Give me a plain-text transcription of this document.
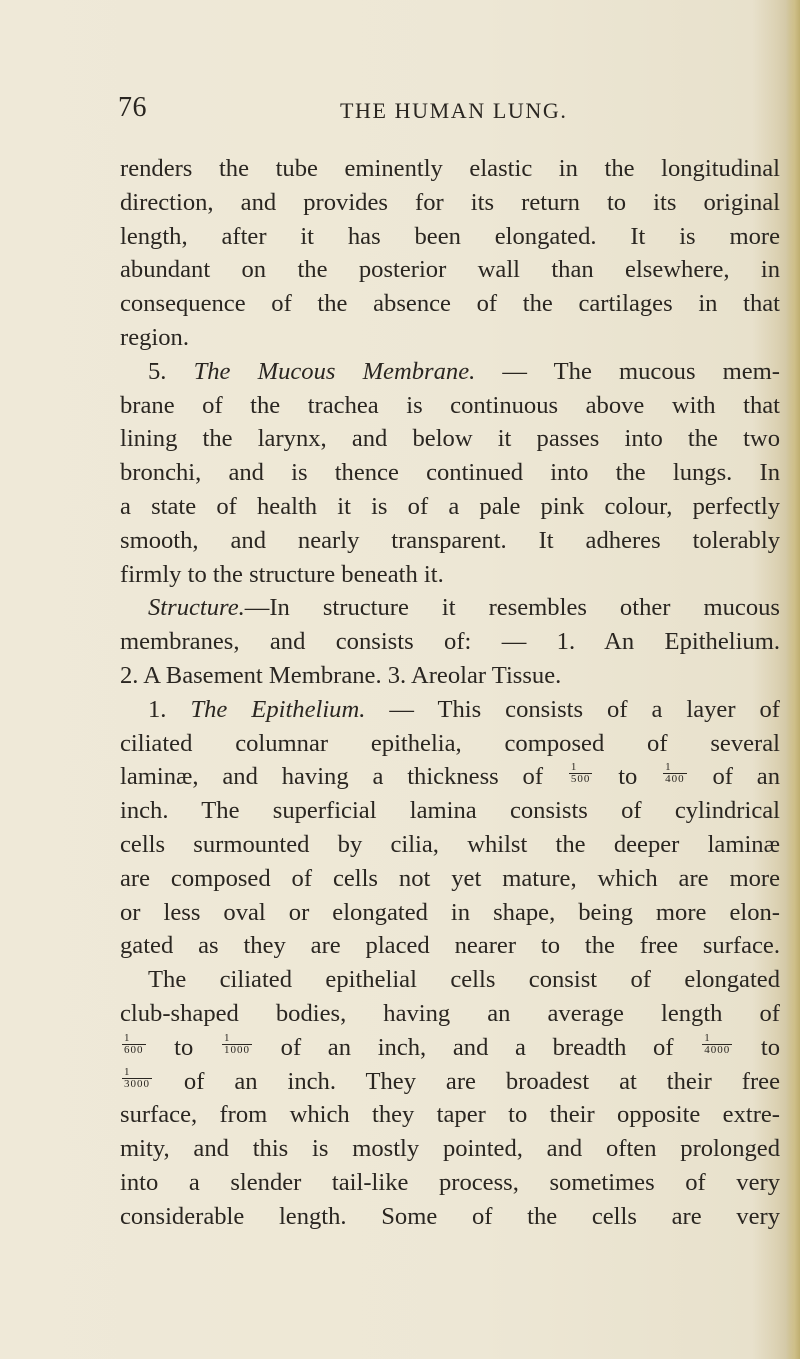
76	THE HUMAN LUNG.
renders the tube eminently elastic in the longitudinal
direction, and provides for its return to its original
length, after it has been elongated. It is more
abundant on the posterior wall than elsewhere, in
consequence of the absence of the cartilages in that
region.
5. The Mucous Membrane. — The mucous mem-
brane of the trachea is continuous above with that
lining the larynx, and below it passes into the two
bronchi, and is thence continued into the lungs. In
a state of health it is of a pale pink colour, perfectly
smooth, and nearly transparent. It adheres tolerably
firmly to the structure beneath it.
Structure.—In structure it resembles other mucous
membranes, and consists of: — 1. An Epithelium.
2. A Basement Membrane. 3. Areolar Tissue.
1. The Epithelium. — This consists of a layer of
ciliated columnar epithelia, composed of several
laminæ, and having a thickness of $\frac{1}{500}$ to $\frac{1}{400}$ of an
inch. The superficial lamina consists of cylindrical
cells surmounted by cilia, whilst the deeper laminæ
are composed of cells not yet mature, which are more
or less oval or elongated in shape, being more elon-
gated as they are placed nearer to the free surface.
The ciliated epithelial cells consist of elongated
club-shaped bodies, having an average length of
$\frac{1}{600}$ to $\frac{1}{1000}$ of an inch, and a breadth of $\frac{1}{4000}$ to
$\frac{1}{3000}$ of an inch. They are broadest at their free
surface, from which they taper to their opposite extre-
mity, and this is mostly pointed, and often prolonged
into a slender tail-like process, sometimes of very
considerable length. Some of the cells are very
